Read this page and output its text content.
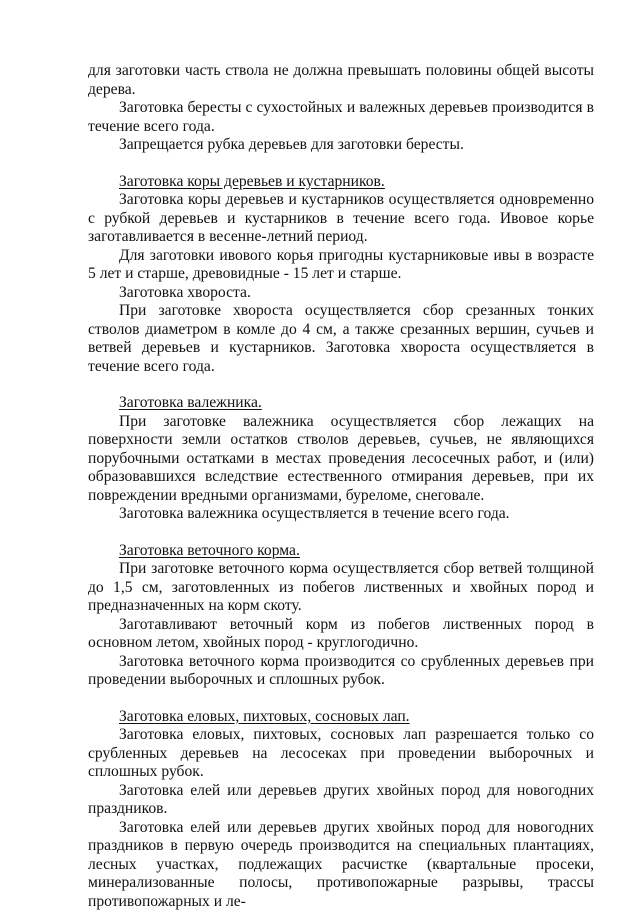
для заготовки часть ствола не должна превышать половины общей высоты дерева.

Заготовка бересты с сухостойных и валежных деревьев производится в течение всего года.

Запрещается рубка деревьев для заготовки бересты.

Заготовка коры деревьев и кустарников.

Заготовка коры деревьев и кустарников осуществляется одновременно с рубкой деревьев и кустарников в течение всего года. Ивовое корье заготавливается в весенне-летний период.

Для заготовки ивового корья пригодны кустарниковые ивы в возрасте 5 лет и старше, древовидные - 15 лет и старше.

Заготовка хвороста.

При заготовке хвороста осуществляется сбор срезанных тонких стволов диаметром в комле до 4 см, а также срезанных вершин, сучьев и ветвей деревьев и кустарников. Заготовка хвороста осуществляется в течение всего года.

Заготовка валежника.

При заготовке валежника осуществляется сбор лежащих на поверхности земли остатков стволов деревьев, сучьев, не являющихся порубочными остатками в местах проведения лесосечных работ, и (или) образовавшихся вследствие естественного отмирания деревьев, при их повреждении вредными организмами, буреломе, снеговале.

Заготовка валежника осуществляется в течение всего года.

Заготовка веточного корма.

При заготовке веточного корма осуществляется сбор ветвей толщиной до 1,5 см, заготовленных из побегов лиственных и хвойных пород и предназначенных на корм скоту.

Заготавливают веточный корм из побегов лиственных пород в основном летом, хвойных пород - круглогодично.

Заготовка веточного корма производится со срубленных деревьев при проведении выборочных и сплошных рубок.

Заготовка еловых, пихтовых, сосновых лап.

Заготовка еловых, пихтовых, сосновых лап разрешается только со срубленных деревьев на лесосеках при проведении выборочных и сплошных рубок.

Заготовка елей или деревьев других хвойных пород для новогодних праздников.

Заготовка елей или деревьев других хвойных пород для новогодних праздников в первую очередь производится на специальных плантациях, лесных участках, подлежащих расчистке (квартальные просеки, минерализованные полосы, противопожарные разрывы, трассы противопожарных и ле-
